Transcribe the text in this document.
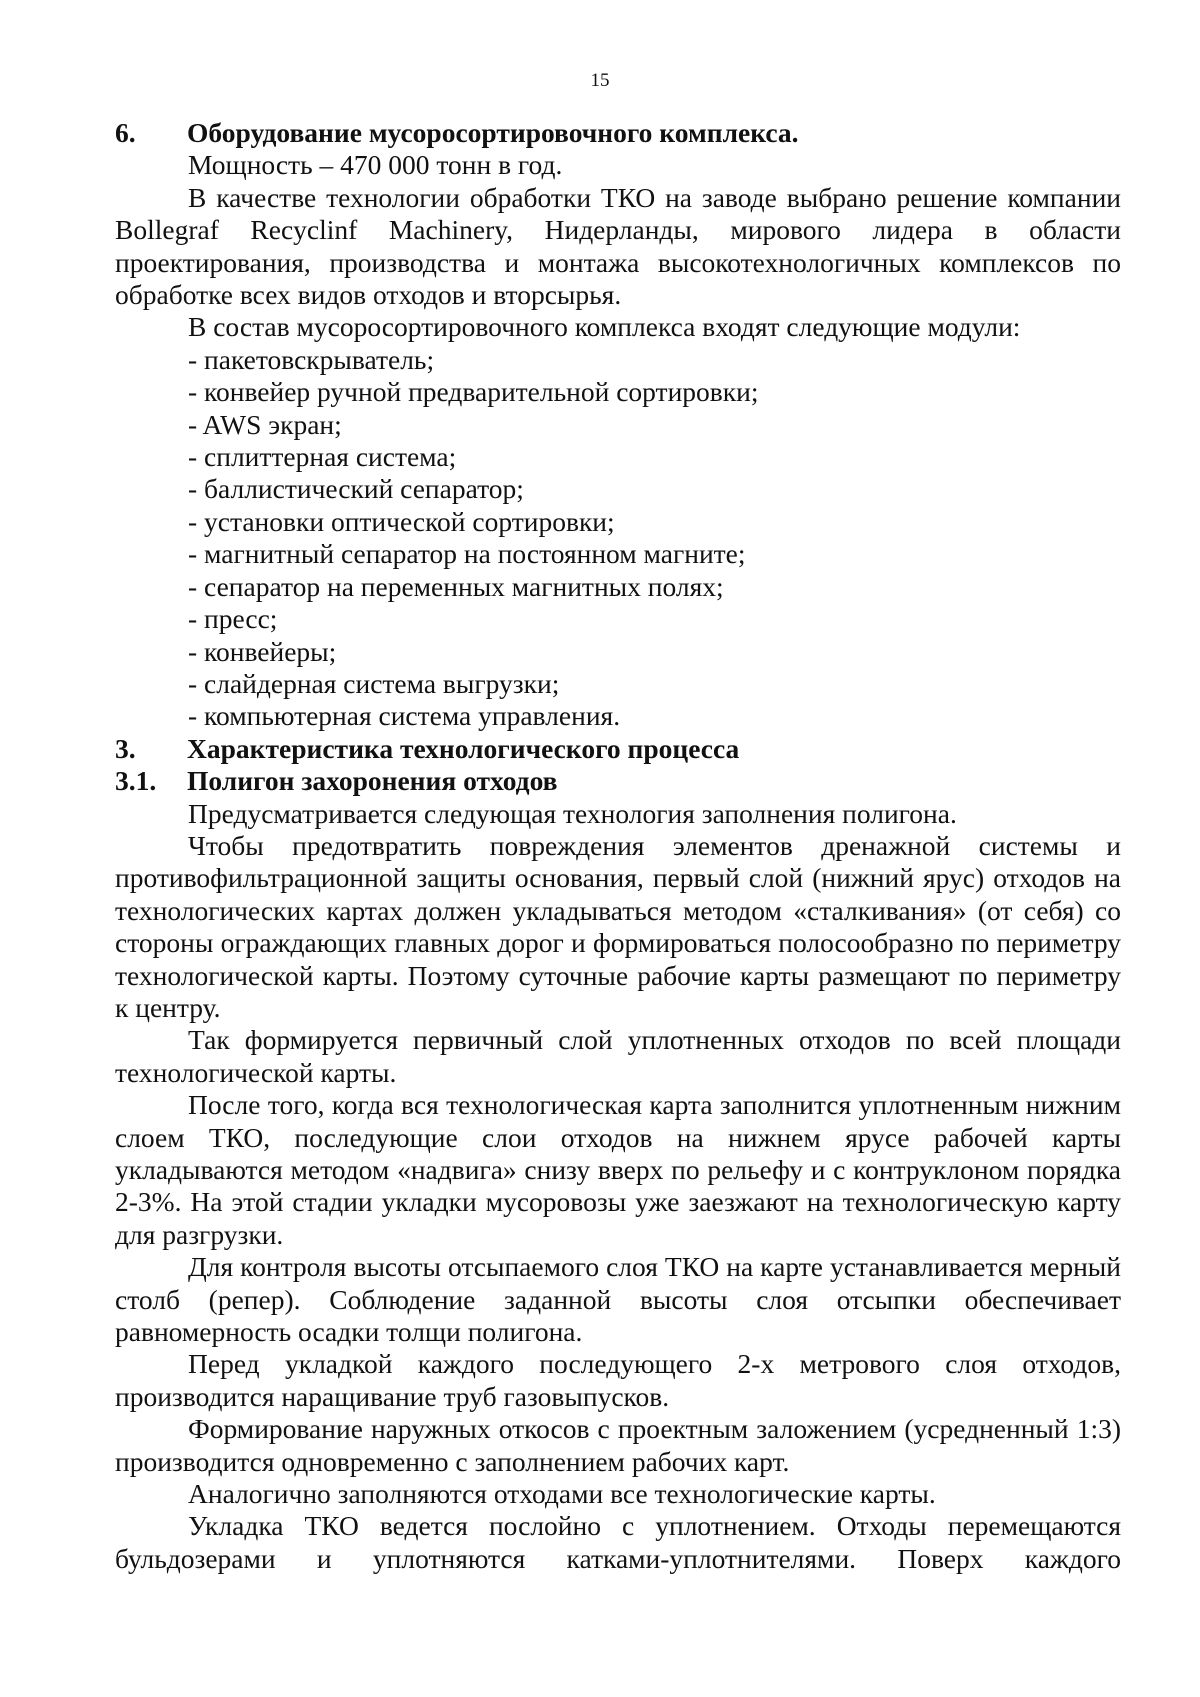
15

6. Оборудование мусоросортировочного комплекса.

Мощность – 470 000 тонн в год.

В качестве технологии обработки ТКО на заводе выбрано решение компании Bollegraf Recyclinf Machinery, Нидерланды, мирового лидера в области проектирования, производства и монтажа высокотехнологичных комплексов по обработке всех видов отходов и вторсырья.

В состав мусоросортировочного комплекса входят следующие модули:

- пакетовскрыватель;
- конвейер ручной предварительной сортировки;
- AWS экран;
- сплиттерная система;
- баллистический сепаратор;
- установки оптической сортировки;
- магнитный сепаратор на постоянном магните;
- сепаратор на переменных магнитных полях;
- пресс;
- конвейеры;
- слайдерная система выгрузки;
- компьютерная система управления.

3. Характеристика технологического процесса

3.1. Полигон захоронения отходов

Предусматривается следующая технология заполнения полигона.

Чтобы предотвратить повреждения элементов дренажной системы и противофильтрационной защиты основания, первый слой (нижний ярус) отходов на технологических картах должен укладываться методом «сталкивания» (от себя) со стороны ограждающих главных дорог и формироваться полосообразно по периметру технологической карты. Поэтому суточные рабочие карты размещают по периметру к центру.

Так формируется первичный слой уплотненных отходов по всей площади технологической карты.

После того, когда вся технологическая карта заполнится уплотненным нижним слоем ТКО, последующие слои отходов на нижнем ярусе рабочей карты укладываются методом «надвига» снизу вверх по рельефу и с контруклоном порядка 2-3%. На этой стадии укладки мусоровозы уже заезжают на технологическую карту для разгрузки.

Для контроля высоты отсыпаемого слоя ТКО на карте устанавливается мерный столб (репер). Соблюдение заданной высоты слоя отсыпки обеспечивает равномерность осадки толщи полигона.

Перед укладкой каждого последующего 2-х метрового слоя отходов, производится наращивание труб газовыпусков.

Формирование наружных откосов с проектным заложением (усредненный 1:3) производится одновременно с заполнением рабочих карт.

Аналогично заполняются отходами все технологические карты.

Укладка ТКО ведется послойно с уплотнением. Отходы перемещаются бульдозерами и уплотняются катками-уплотнителями. Поверх каждого
